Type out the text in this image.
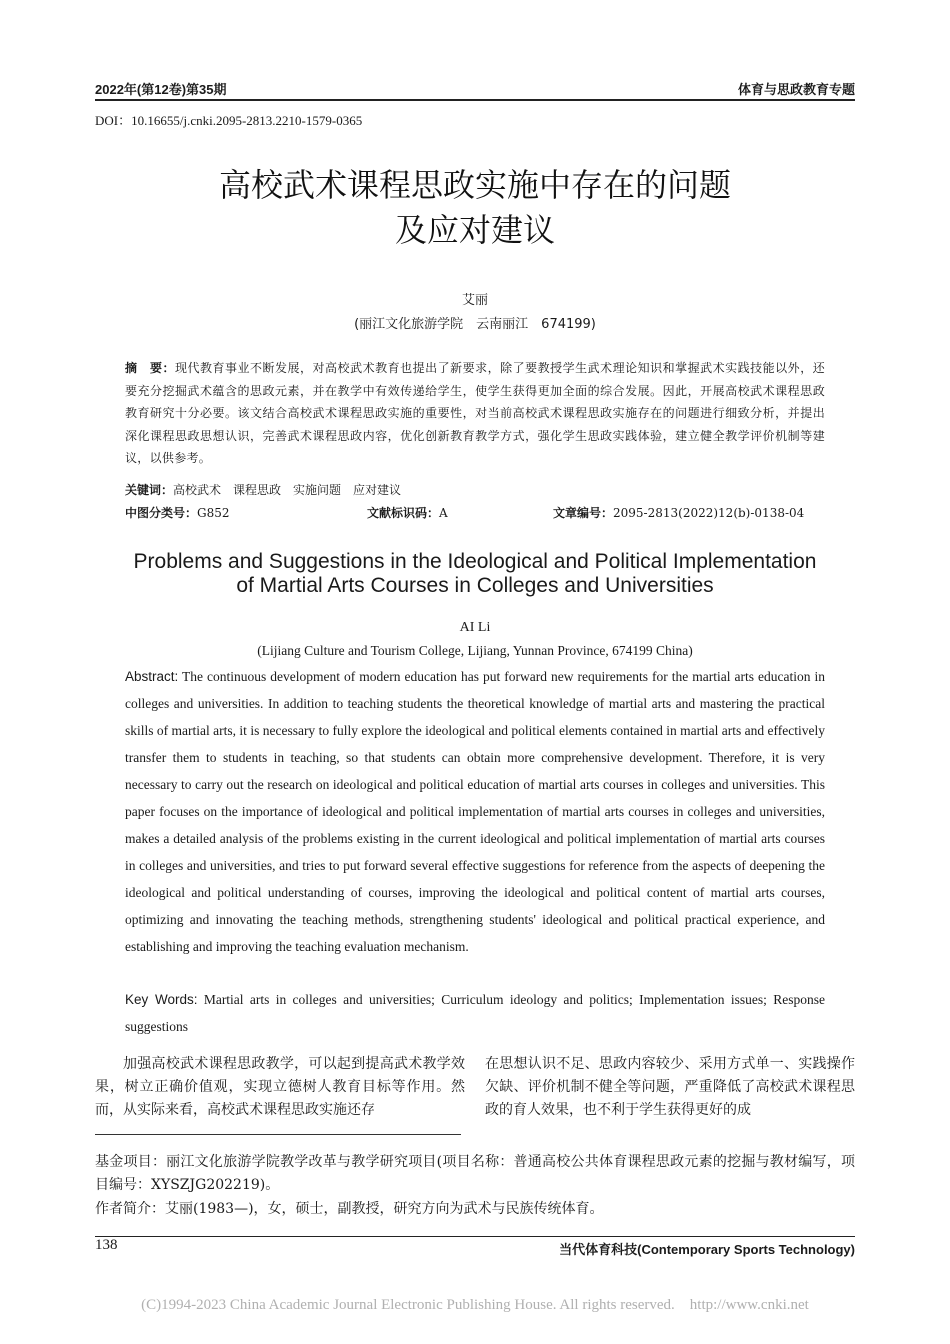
2022年(第12卷)第35期	体育与思政教育专题
DOI：10.16655/j.cnki.2095-2813.2210-1579-0365
高校武术课程思政实施中存在的问题
及应对建议
艾丽
(丽江文化旅游学院　云南丽江　674199)
摘　要：现代教育事业不断发展，对高校武术教育也提出了新要求，除了要教授学生武术理论知识和掌握武术实践技能以外，还要充分挖掘武术蕴含的思政元素，并在教学中有效传递给学生，使学生获得更加全面的综合发展。因此，开展高校武术课程思政教育研究十分必要。该文结合高校武术课程思政实施的重要性，对当前高校武术课程思政实施存在的问题进行细致分析，并提出深化课程思政思想认识，完善武术课程思政内容，优化创新教育教学方式，强化学生思政实践体验，建立健全教学评价机制等建议，以供参考。
关键词：高校武术　课程思政　实施问题　应对建议
中图分类号：G852	文献标识码：A	文章编号：2095-2813(2022)12(b)-0138-04
Problems and Suggestions in the Ideological and Political Implementation
of Martial Arts Courses in Colleges and Universities
AI Li
(Lijiang Culture and Tourism College, Lijiang, Yunnan Province, 674199 China)
Abstract: The continuous development of modern education has put forward new requirements for the martial arts education in colleges and universities. In addition to teaching students the theoretical knowledge of martial arts and mastering the practical skills of martial arts, it is necessary to fully explore the ideological and political elements contained in martial arts and effectively transfer them to students in teaching, so that students can obtain more comprehensive development. Therefore, it is very necessary to carry out the research on ideological and political education of martial arts courses in colleges and universities. This paper focuses on the importance of ideological and political implementation of martial arts courses in colleges and universities, makes a detailed analysis of the problems existing in the current ideological and political implementation of martial arts courses in colleges and universities, and tries to put forward several effective suggestions for reference from the aspects of deepening the ideological and political understanding of courses, improving the ideological and political content of martial arts courses, optimizing and innovating the teaching methods, strengthening students' ideological and political practical experience, and establishing and improving the teaching evaluation mechanism.
Key Words: Martial arts in colleges and universities; Curriculum ideology and politics; Implementation issues; Response suggestions
加强高校武术课程思政教学，可以起到提高武术教学效果，树立正确价值观，实现立德树人教育目标等作用。然而，从实际来看，高校武术课程思政实施还存
在思想认识不足、思政内容较少、采用方式单一、实践操作欠缺、评价机制不健全等问题，严重降低了高校武术课程思政的育人效果，也不利于学生获得更好的成
基金项目：丽江文化旅游学院教学改革与教学研究项目(项目名称：普通高校公共体育课程思政元素的挖掘与教材编写，项目编号：XYSZJG202219)。
作者简介：艾丽(1983—)，女，硕士，副教授，研究方向为武术与民族传统体育。
138	当代体育科技(Contemporary Sports Technology)
(C)1994-2023 China Academic Journal Electronic Publishing House. All rights reserved.    http://www.cnki.net
